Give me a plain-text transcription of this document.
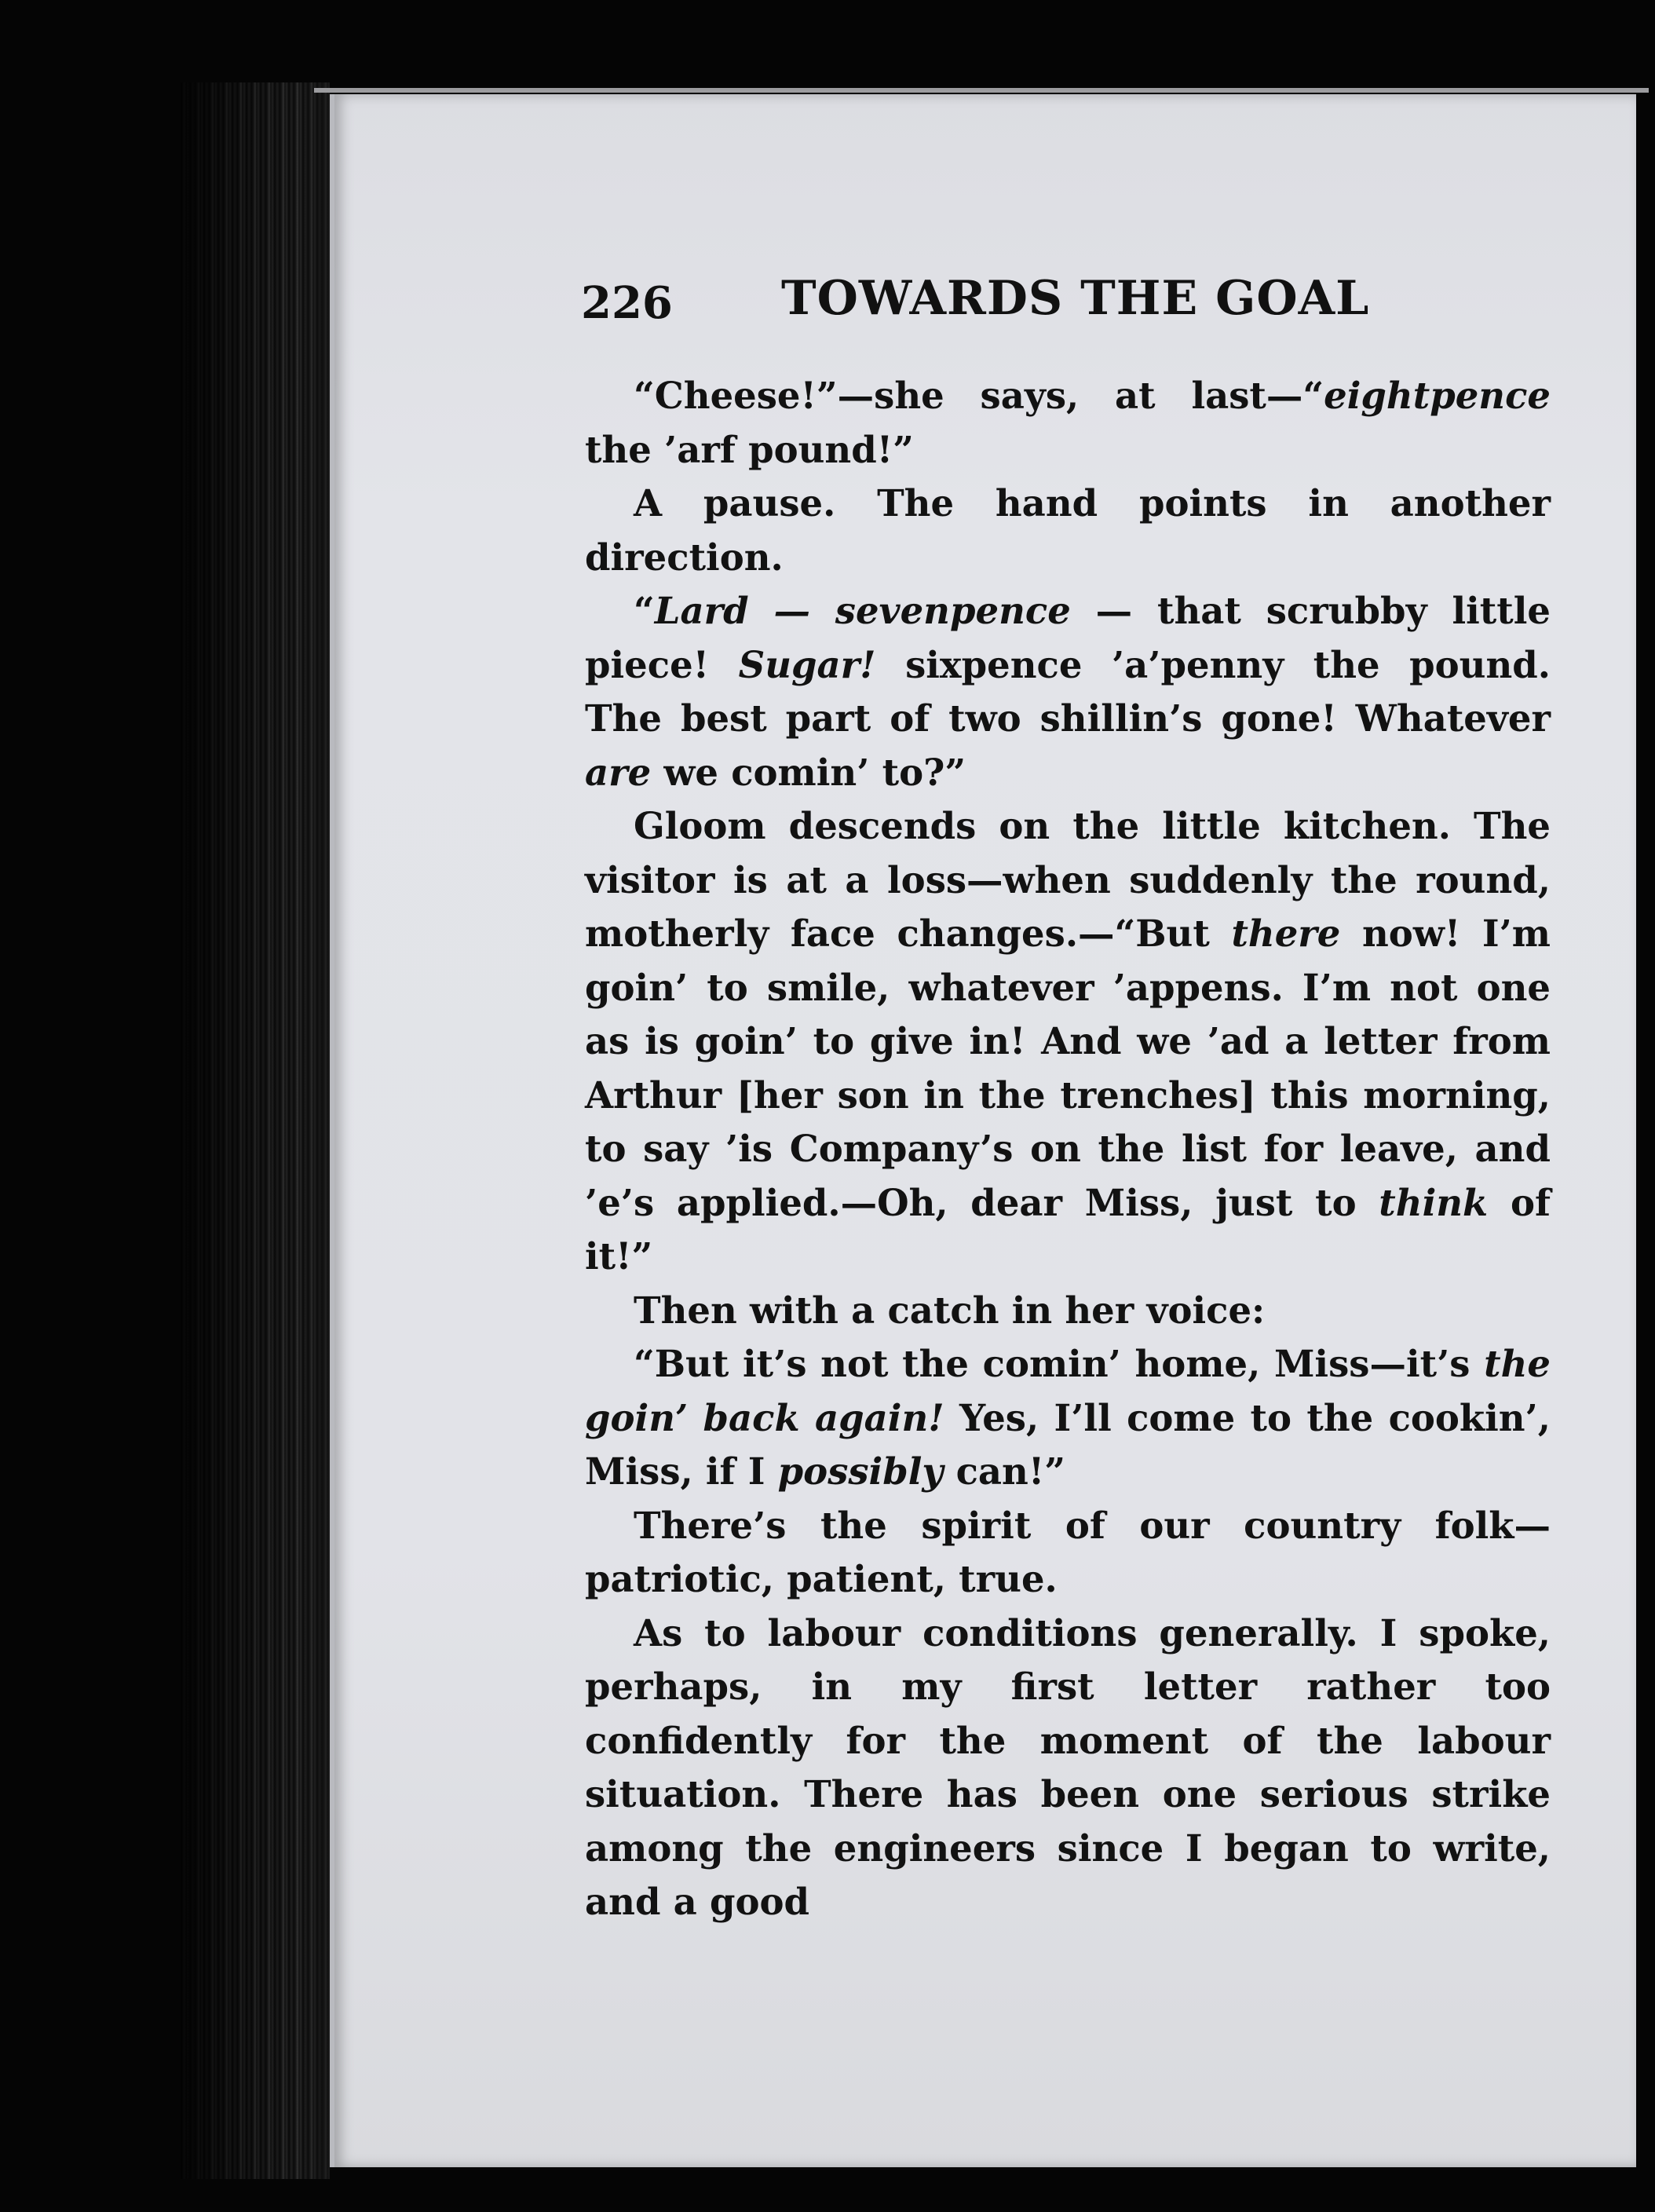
226 TOWARDS THE GOAL

“Cheese!”—she says, at last—“eightpence the ’arf pound!”

A pause. The hand points in another direction.

“Lard — sevenpence — that scrubby little piece! Sugar! sixpence ’a’penny the pound. The best part of two shillin’s gone! Whatever are we comin’ to?”

Gloom descends on the little kitchen. The visitor is at a loss—when suddenly the round, motherly face changes.—“But there now! I’m goin’ to smile, whatever ’appens. I’m not one as is goin’ to give in! And we ’ad a letter from Arthur [her son in the trenches] this morning, to say ’is Company’s on the list for leave, and ’e’s applied.—Oh, dear Miss, just to think of it!”

Then with a catch in her voice:

“But it’s not the comin’ home, Miss—it’s the goin’ back again! Yes, I’ll come to the cookin’, Miss, if I possibly can!”

There’s the spirit of our country folk—patriotic, patient, true.

As to labour conditions generally. I spoke, perhaps, in my first letter rather too confidently for the moment of the labour situation. There has been one serious strike among the engineers since I began to write, and a good
